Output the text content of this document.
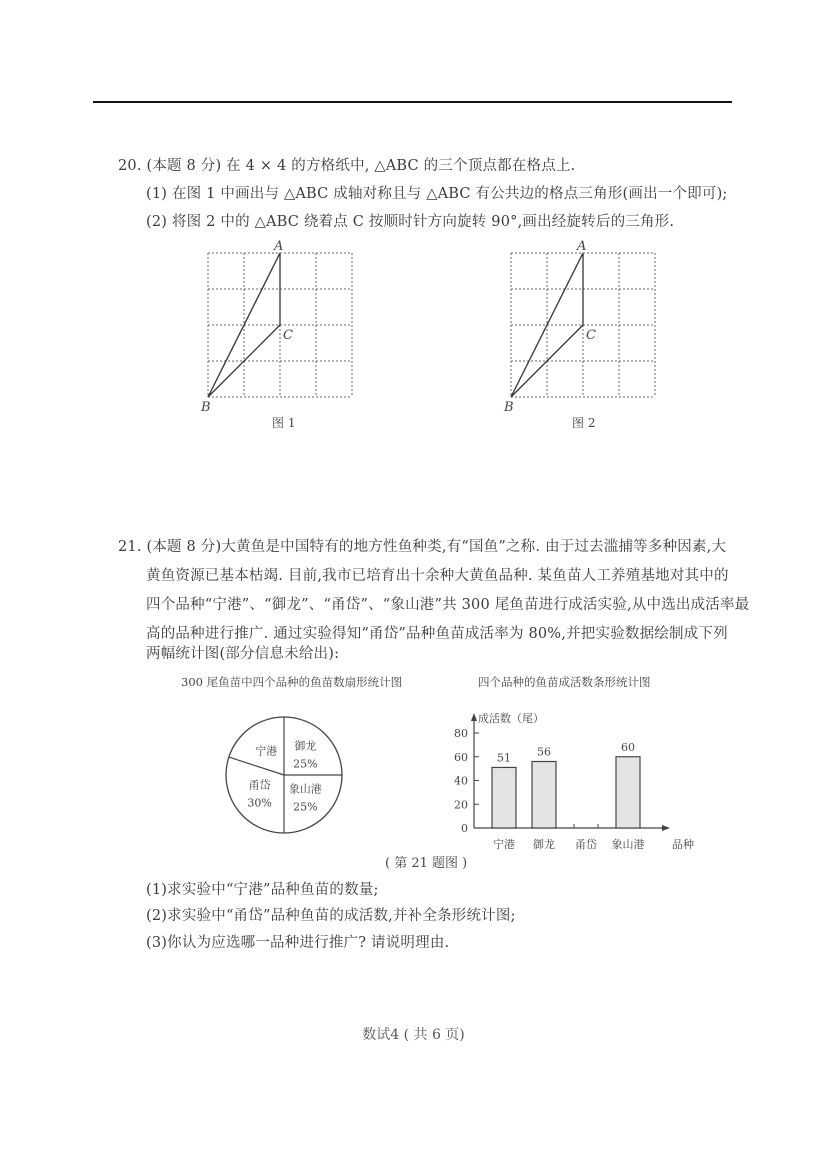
20. (本题 8 分) 在 4 × 4 的方格纸中, △ABC 的三个顶点都在格点上.
(1) 在图 1 中画出与 △ABC 成轴对称且与 △ABC 有公共边的格点三角形(画出一个即可);
(2) 将图 2 中的 △ABC 绕着点 C 按顺时针方向旋转 90°,画出经旋转后的三角形.
A
B
C
图 1
A
B
C
图 2
21. (本题 8 分)大黄鱼是中国特有的地方性鱼种类,有“国鱼”之称. 由于过去滥捕等多种因素,大
黄鱼资源已基本枯竭. 目前,我市已培育出十余种大黄鱼品种. 某鱼苗人工养殖基地对其中的
四个品种“宁港”、“御龙”、“甬岱”、“象山港”共 300 尾鱼苗进行成活实验,从中选出成活率最
高的品种进行推广. 通过实验得知“甬岱”品种鱼苗成活率为 80%,并把实验数据绘制成下列
两幅统计图(部分信息未给出):
300 尾鱼苗中四个品种的鱼苗数扇形统计图
御龙
25%
象山港
25%
甬岱
30%
宁港
四个品种的鱼苗成活数条形统计图
成活数（尾）
品种
0
20
40
60
80
51
宁港
56
御龙 甬岱
60
象山港
( 第 21 题图 )
(1)求实验中“宁港”品种鱼苗的数量;
(2)求实验中“甬岱”品种鱼苗的成活数,并补全条形统计图;
(3)你认为应选哪一品种进行推广? 请说明理由.
数试4 ( 共 6 页)
